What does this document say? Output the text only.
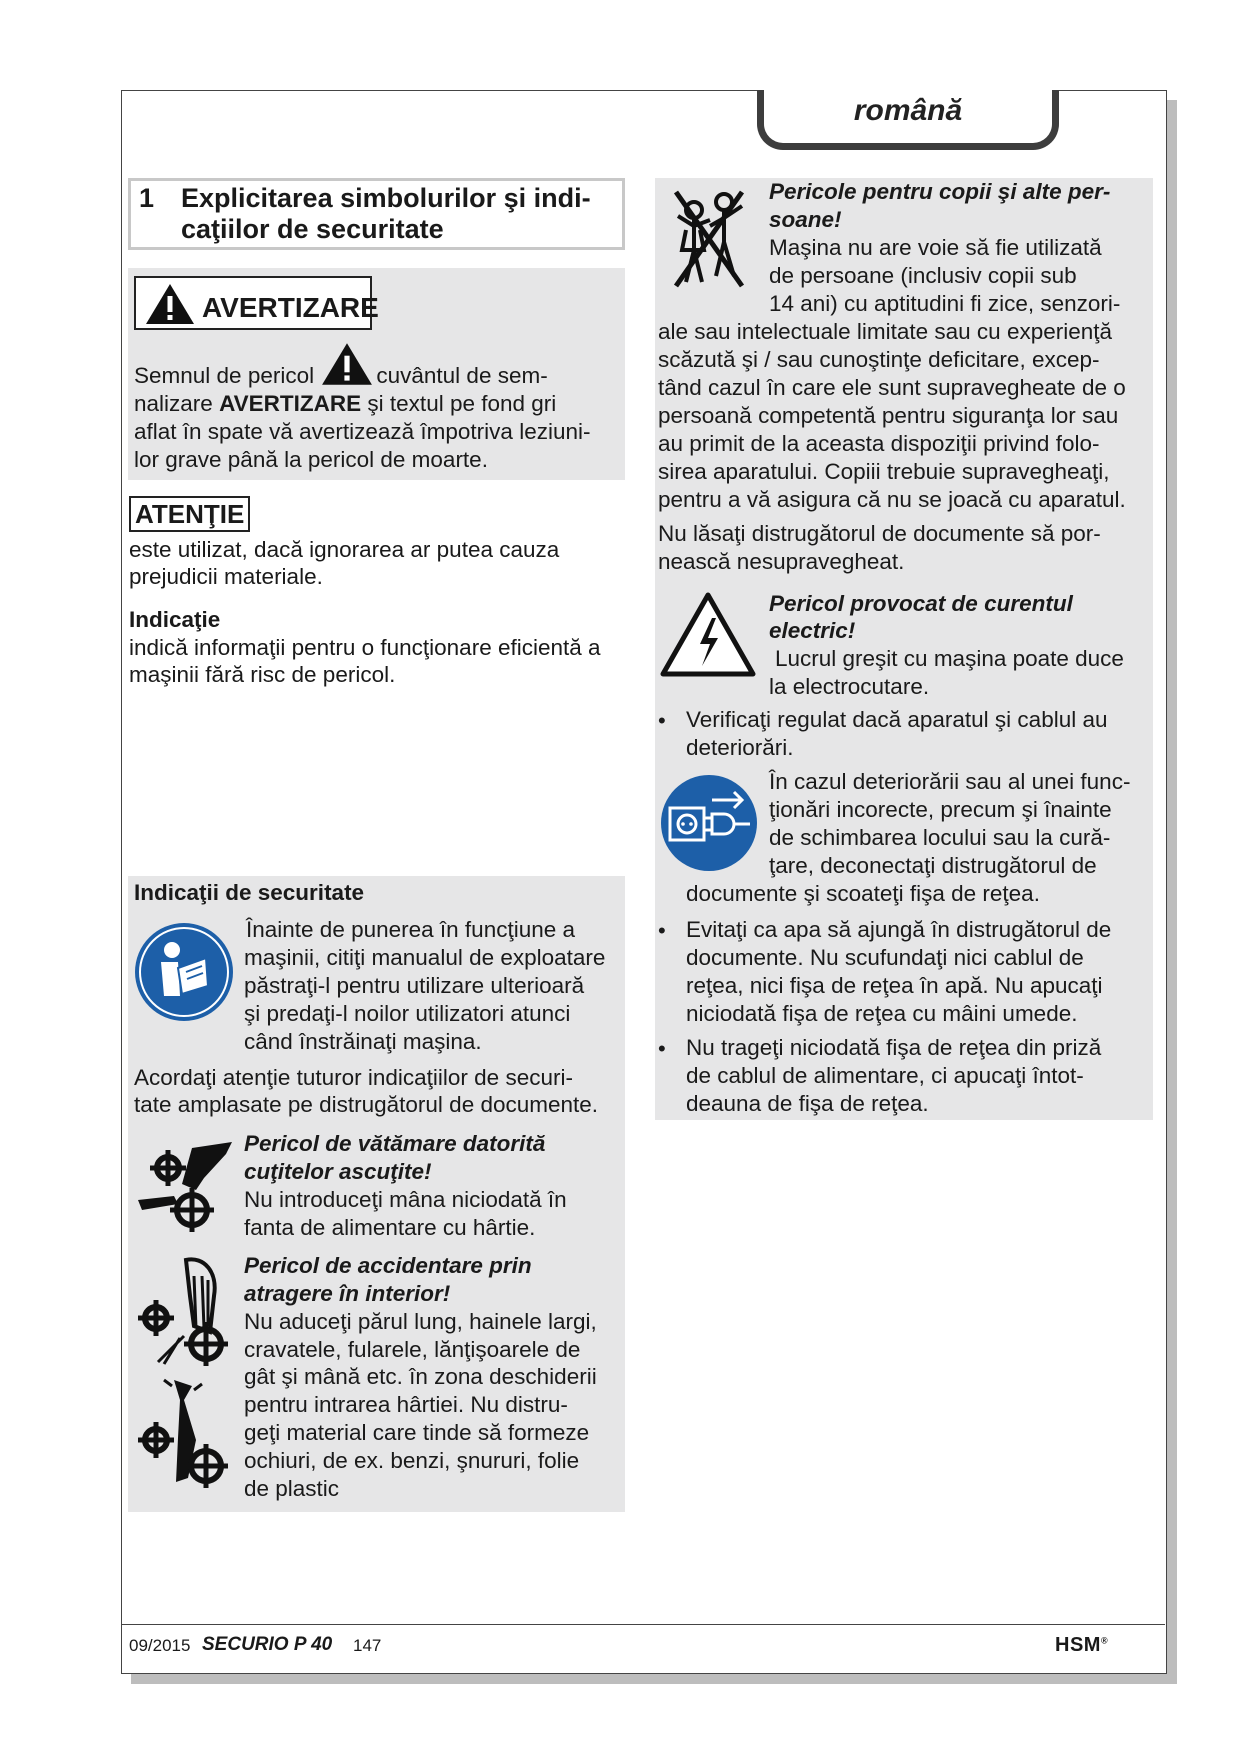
română
1 Explicitarea simbolurilor şi indi-caţiilor de securitate
AVERTIZARE
Semnul de pericol	cuvântul de sem-
nalizare AVERTIZARE şi textul pe fond gri
aflat în spate vă avertizează împotriva leziuni-
lor grave până la pericol de moarte.
ATENŢIE
este utilizat, dacă ignorarea ar putea cauza
prejudicii materiale.
Indicaţie
indică informaţii pentru o funcţionare eficientă a
maşinii fără risc de pericol.
Indicaţii de securitate
Înainte de punerea în funcţiune a
maşinii, citiţi manualul de exploatare
păstraţi-l pentru utilizare ulterioară
şi predaţi-l noilor utilizatori atunci
când înstrăinaţi maşina.
Acordaţi atenţie tuturor indicaţiilor de securi-
tate amplasate pe distrugătorul de documente.
Pericol de vătămare datorită
cuţitelor ascuţite!
Nu introduceţi mâna niciodată în
fanta de alimentare cu hârtie.
Pericol de accidentare prin
atragere în interior!
Nu aduceţi părul lung, hainele largi,
cravatele, fularele, lănţişoarele de
gât şi mână etc. în zona deschiderii
pentru intrarea hârtiei. Nu distru-
geţi material care tinde să formeze
ochiuri, de ex. benzi, şnururi, folie
de plastic
Pericole pentru copii şi alte per-
soane!
Maşina nu are voie să fie utilizată
de persoane (inclusiv copii sub
14 ani) cu aptitudini fi zice, senzori-
ale sau intelectuale limitate sau cu experienţă
scăzută şi / sau cunoştinţe deficitare, excep-
tând cazul în care ele sunt supravegheate de o
persoană competentă pentru siguranţa lor sau
au primit de la aceasta dispoziţii privind folo-
sirea aparatului. Copiii trebuie supravegheaţi,
pentru a vă asigura că nu se joacă cu aparatul.
Nu lăsaţi distrugătorul de documente să por-
nească nesupravegheat.
Pericol provocat de curentul
electric!
Lucrul greşit cu maşina poate duce
la electrocutare.
• Verificaţi regulat dacă aparatul şi cablul au
deteriorări.
În cazul deteriorării sau al unei func-
ţionări incorecte, precum şi înainte
de schimbarea locului sau la cură-
ţare, deconectaţi distrugătorul de
documente şi scoateţi fişa de reţea.
• Evitaţi ca apa să ajungă în distrugătorul de
documente. Nu scufundaţi nici cablul de
reţea, nici fişa de reţea în apă. Nu apucaţi
niciodată fişa de reţea cu mâini umede.
• Nu trageţi niciodată fişa de reţea din priză
de cablul de alimentare, ci apucaţi întot-
deauna de fişa de reţea.
09/2015 SECURIO P 40 147	HSM®
